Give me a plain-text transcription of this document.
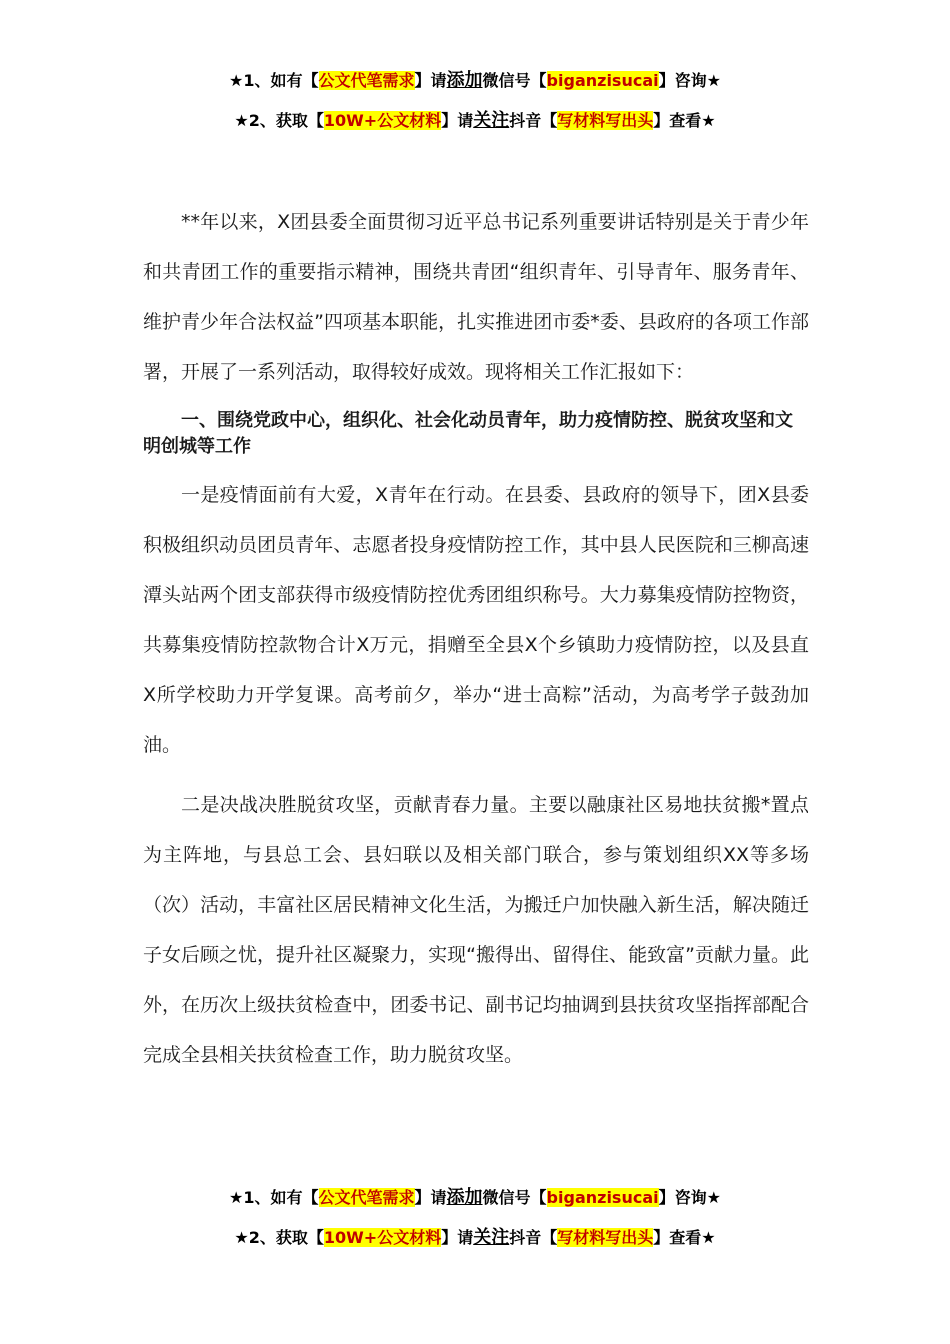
★1、如有【公文代笔需求】请添加微信号【biganzisucai】咨询★
★2、获取【10W+公文材料】请关注抖音【写材料写出头】查看★

**年以来，X团县委全面贯彻习近平总书记系列重要讲话特别是关于青少年和共青团工作的重要指示精神，围绕共青团“组织青年、引导青年、服务青年、维护青少年合法权益”四项基本职能，扎实推进团市委*委、县政府的各项工作部署，开展了一系列活动，取得较好成效。现将相关工作汇报如下：

一、围绕党政中心，组织化、社会化动员青年，助力疫情防控、脱贫攻坚和文明创城等工作

一是疫情面前有大爱，X青年在行动。在县委、县政府的领导下，团X县委积极组织动员团员青年、志愿者投身疫情防控工作，其中县人民医院和三柳高速潭头站两个团支部获得市级疫情防控优秀团组织称号。大力募集疫情防控物资，共募集疫情防控款物合计X万元，捐赠至全县X个乡镇助力疫情防控，以及县直X所学校助力开学复课。高考前夕，举办“进士高粽”活动，为高考学子鼓劲加油。

二是决战决胜脱贫攻坚，贡献青春力量。主要以融康社区易地扶贫搬*置点为主阵地，与县总工会、县妇联以及相关部门联合，参与策划组织XX等多场（次）活动，丰富社区居民精神文化生活，为搬迁户加快融入新生活，解决随迁子女后顾之忧，提升社区凝聚力，实现“搬得出、留得住、能致富”贡献力量。此外，在历次上级扶贫检查中，团委书记、副书记均抽调到县扶贫攻坚指挥部配合完成全县相关扶贫检查工作，助力脱贫攻坚。

★1、如有【公文代笔需求】请添加微信号【biganzisucai】咨询★
★2、获取【10W+公文材料】请关注抖音【写材料写出头】查看★
